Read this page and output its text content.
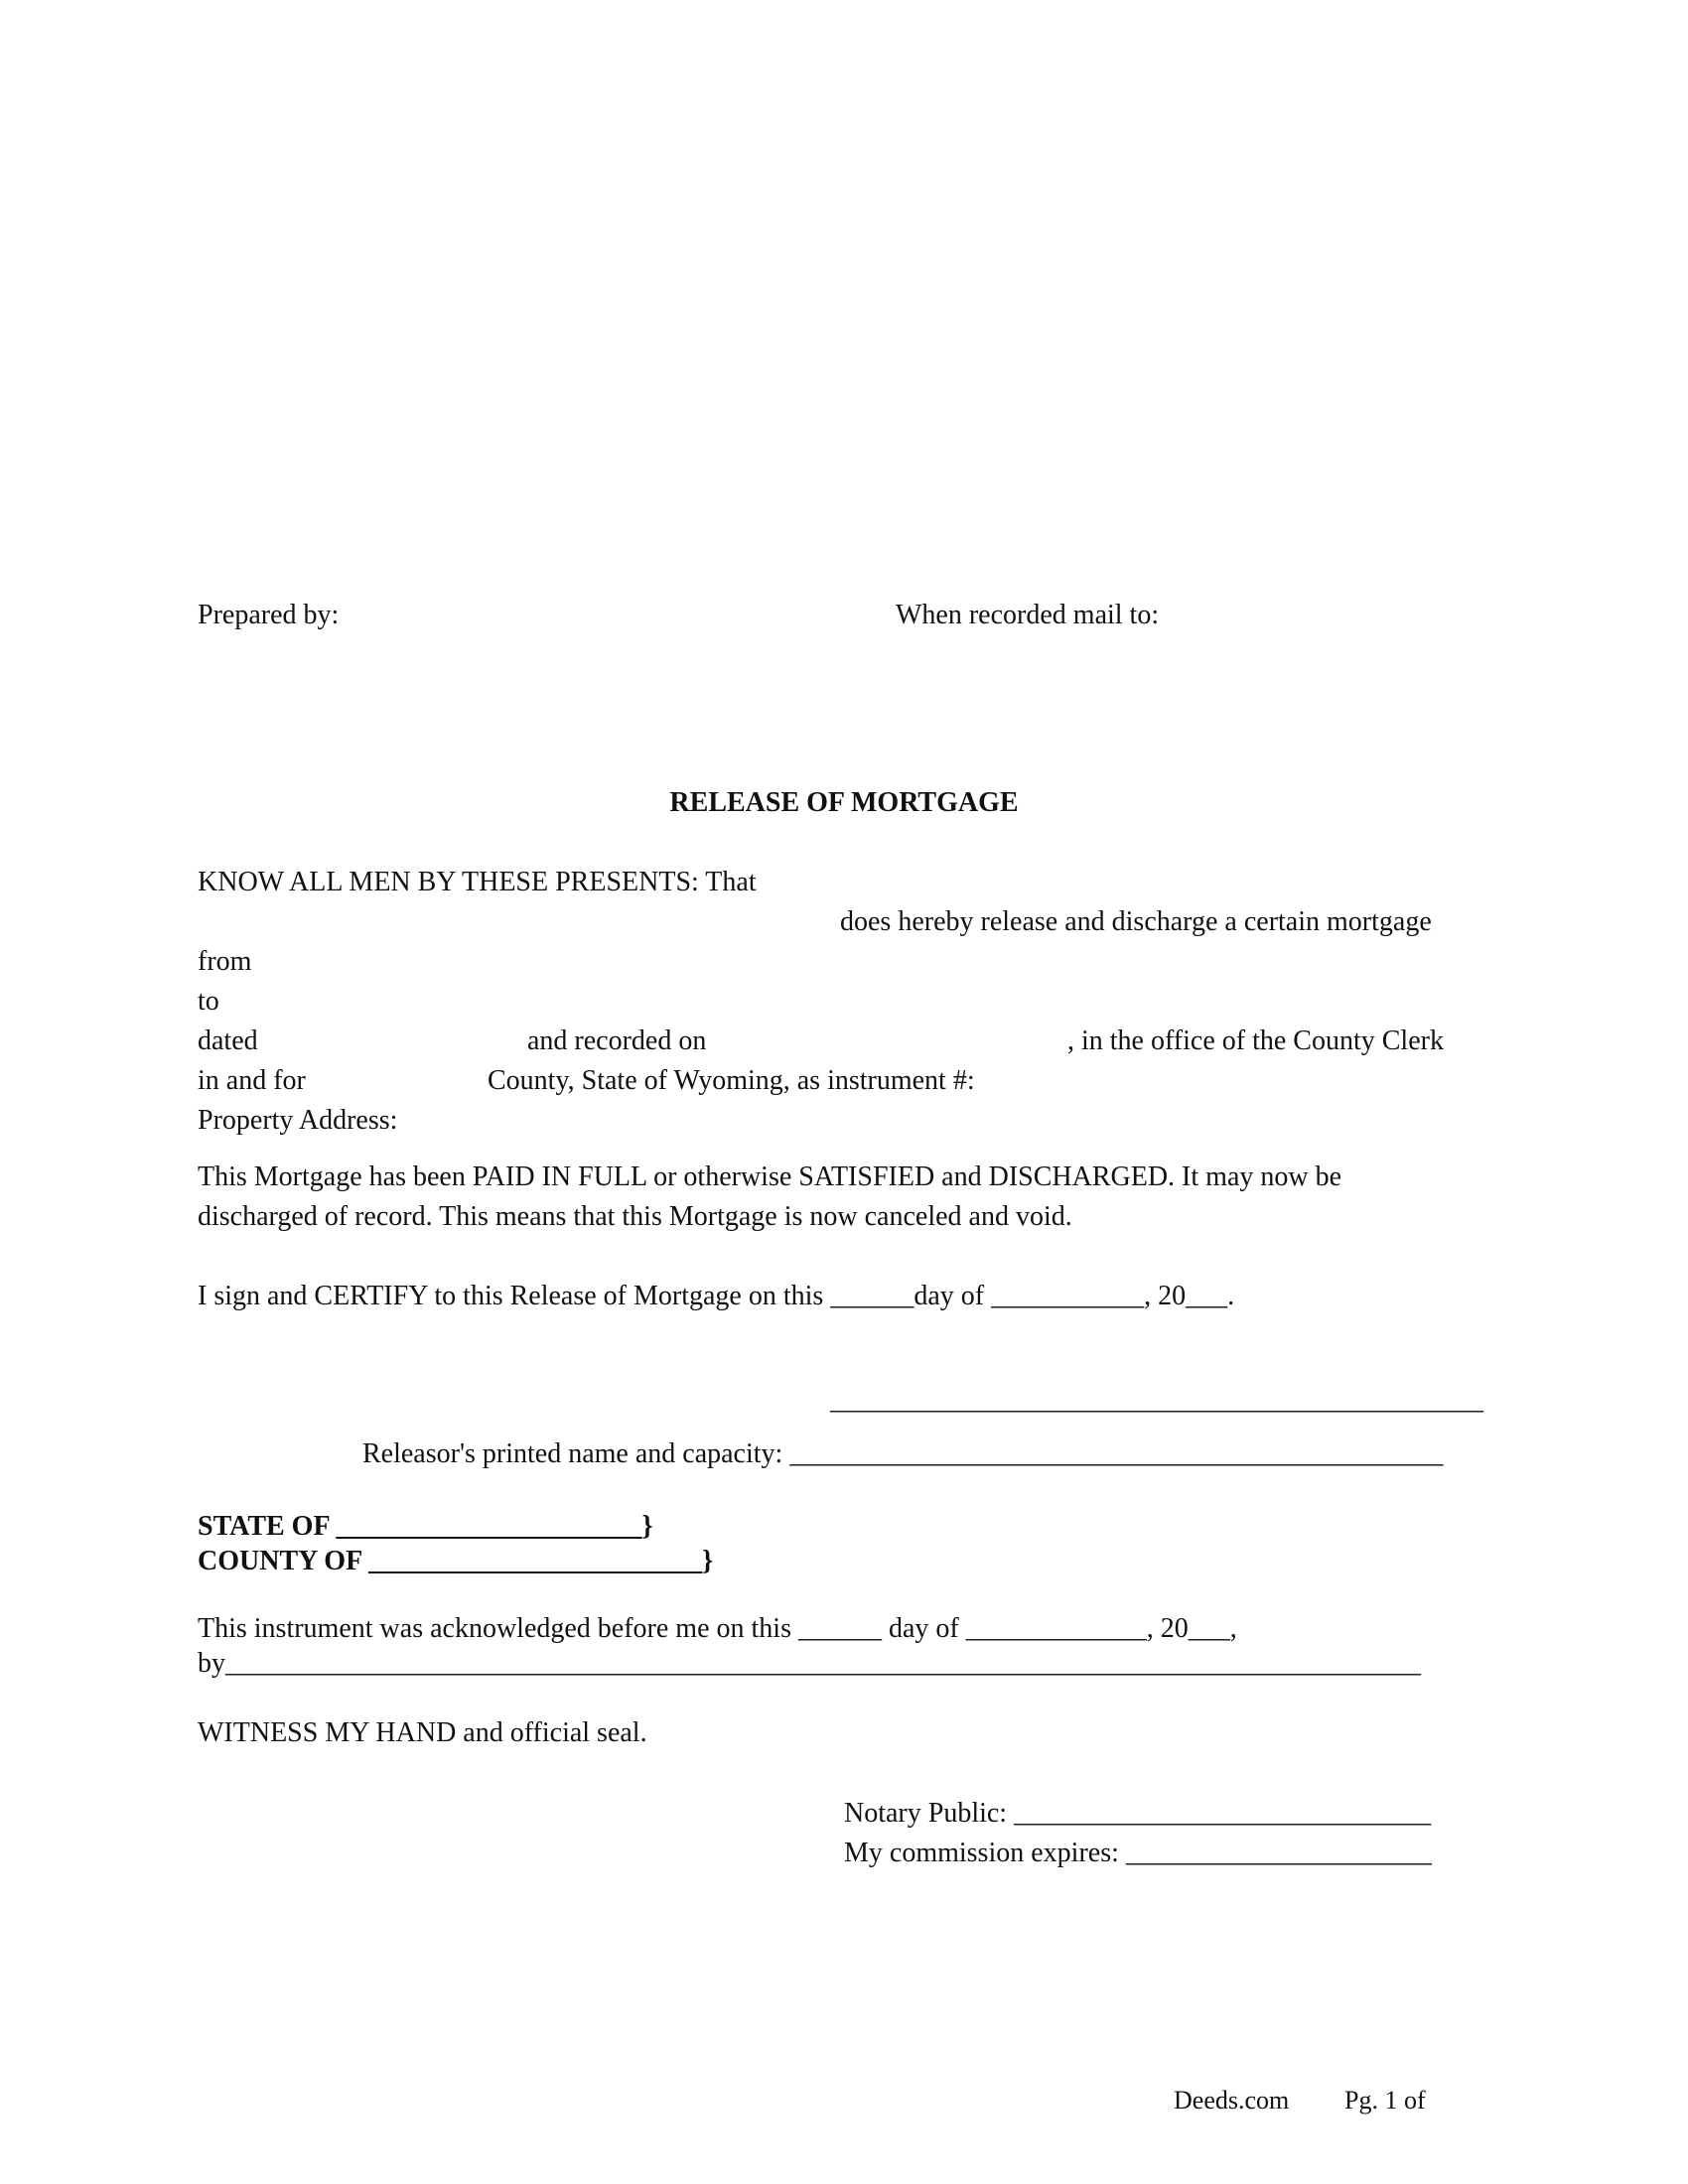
Prepared by:	When recorded mail to:
RELEASE OF MORTGAGE
KNOW ALL MEN BY THESE PRESENTS: That
does hereby release and discharge a certain mortgage
from
to
dated	and recorded on	, in the office of the County Clerk
in and for	County, State of Wyoming, as instrument #:
Property Address:
This Mortgage has been PAID IN FULL or otherwise SATISFIED and DISCHARGED. It may now be
discharged of record. This means that this Mortgage is now canceled and void.
I sign and CERTIFY to this Release of Mortgage on this ______day of ___________, 20___.
_______________________________________________
Releasor's printed name and capacity: _______________________________________________
STATE OF ______________________}
COUNTY OF ________________________}
This instrument was acknowledged before me on this ______ day of _____________, 20___,
by______________________________________________________________________________________
WITNESS MY HAND and official seal.
Notary Public: ______________________________
My commission expires: ______________________
Deeds.com Pg. 1 of
